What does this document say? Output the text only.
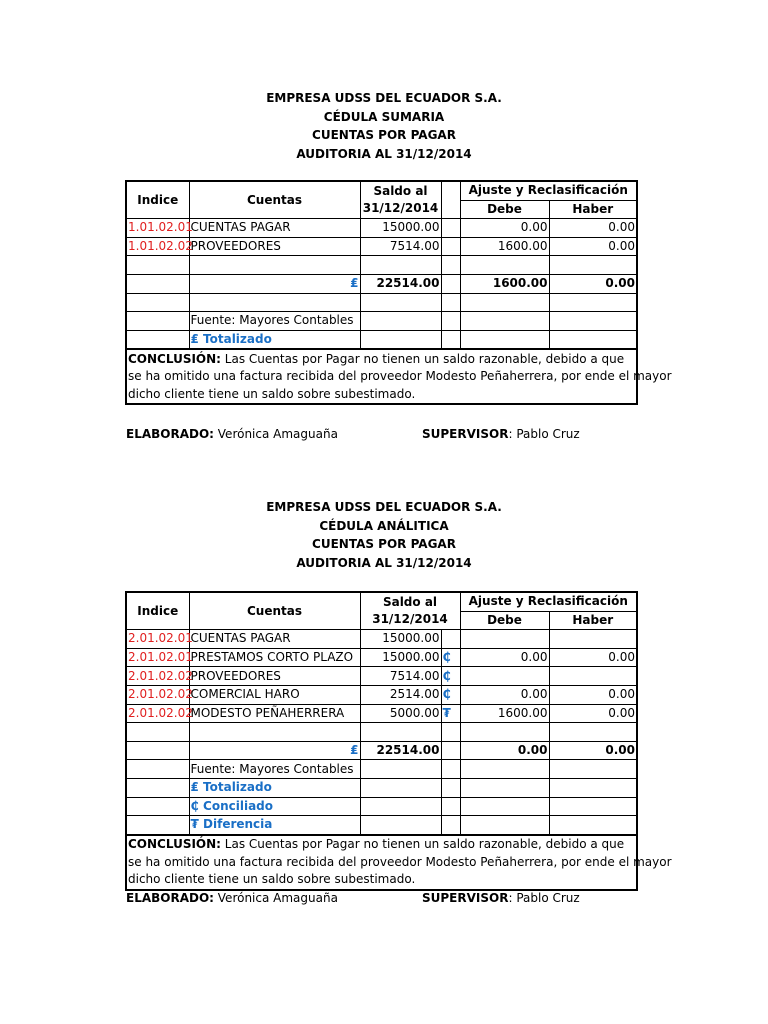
EMPRESA UDSS DEL ECUADOR S.A.
CÉDULA SUMARIA
CUENTAS POR PAGAR
AUDITORIA AL 31/12/2014
Indice	Cuentas	Saldo al
31/12/2014		Ajuste y Reclasificación	
				Debe	Haber
1.01.02.01	CUENTAS PAGAR	15000.00		0.00	0.00
1.01.02.02	PROVEEDORES	7514.00		1600.00	0.00

	₤	22514.00		1600.00	0.00

	Fuente: Mayores Contables				
	₤ Totalizado				
CONCLUSIÓN: Las Cuentas por Pagar no tienen un saldo razonable, debido a que					
se ha omitido una factura recibida del proveedor Modesto Peñaherrera, por ende el mayor					
dicho cliente tiene un saldo sobre subestimado.					
ELABORADO: Verónica Amaguaña	SUPERVISOR: Pablo Cruz
EMPRESA UDSS DEL ECUADOR S.A.
CÉDULA ANÁLITICA
CUENTAS POR PAGAR
AUDITORIA AL 31/12/2014
Indice	Cuentas	Saldo al
31/12/2014		Ajuste y Reclasificación	
				Debe	Haber
2.01.02.01	CUENTAS PAGAR	15000.00			
2.01.02.01	PRESTAMOS CORTO PLAZO	15000.00	₵	0.00	0.00
2.01.02.02	PROVEEDORES	7514.00	₵		
2.01.02.02	COMERCIAL HARO	2514.00	₵	0.00	0.00
2.01.02.02	MODESTO PEÑAHERRERA	5000.00	₮	1600.00	0.00

	₤	22514.00		0.00	0.00
	Fuente: Mayores Contables				
	₤ Totalizado				
	₵ Conciliado				
	₮ Diferencia				
CONCLUSIÓN: Las Cuentas por Pagar no tienen un saldo razonable, debido a que					
se ha omitido una factura recibida del proveedor Modesto Peñaherrera, por ende el mayor					
dicho cliente tiene un saldo sobre subestimado.					
ELABORADO: Verónica Amaguaña	SUPERVISOR: Pablo Cruz
